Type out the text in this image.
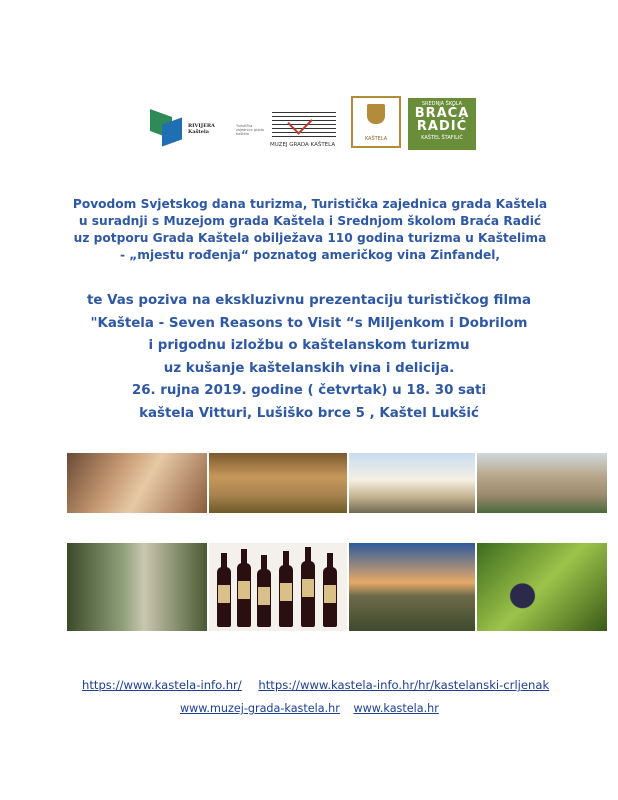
RIVIJERA
Kaštela
Turistička zajednica grada Kaštela
MUZEJ GRADA KAŠTELA
KAŠTELA
SREDNJA ŠKOLA
BRAĆA
RADIĆ
KAŠTEL ŠTAFILIĆ
Povodom Svjetskog dana turizma, Turistička zajednica grada Kaštela
u suradnji s Muzejom grada Kaštela i Srednjom školom Braća Radić
uz potporu Grada Kaštela obilježava 110 godina turizma u Kaštelima
- „mjestu rođenja“ poznatog američkog vina Zinfandel,
te Vas poziva na ekskluzivnu prezentaciju turističkog filma
"Kaštela - Seven Reasons to Visit “s Miljenkom i Dobrilom
i prigodnu izložbu o kaštelanskom turizmu
uz kušanje kaštelanskih vina i delicija.
26. rujna 2019. godine ( četvrtak) u 18. 30 sati
kaštela Vitturi, Lušiško brce 5 , Kaštel Lukšić
https://www.kastela-info.hr/ https://www.kastela-info.hr/hr/kastelanski-crljenak
www.muzej-grada-kastela.hr www.kastela.hr
